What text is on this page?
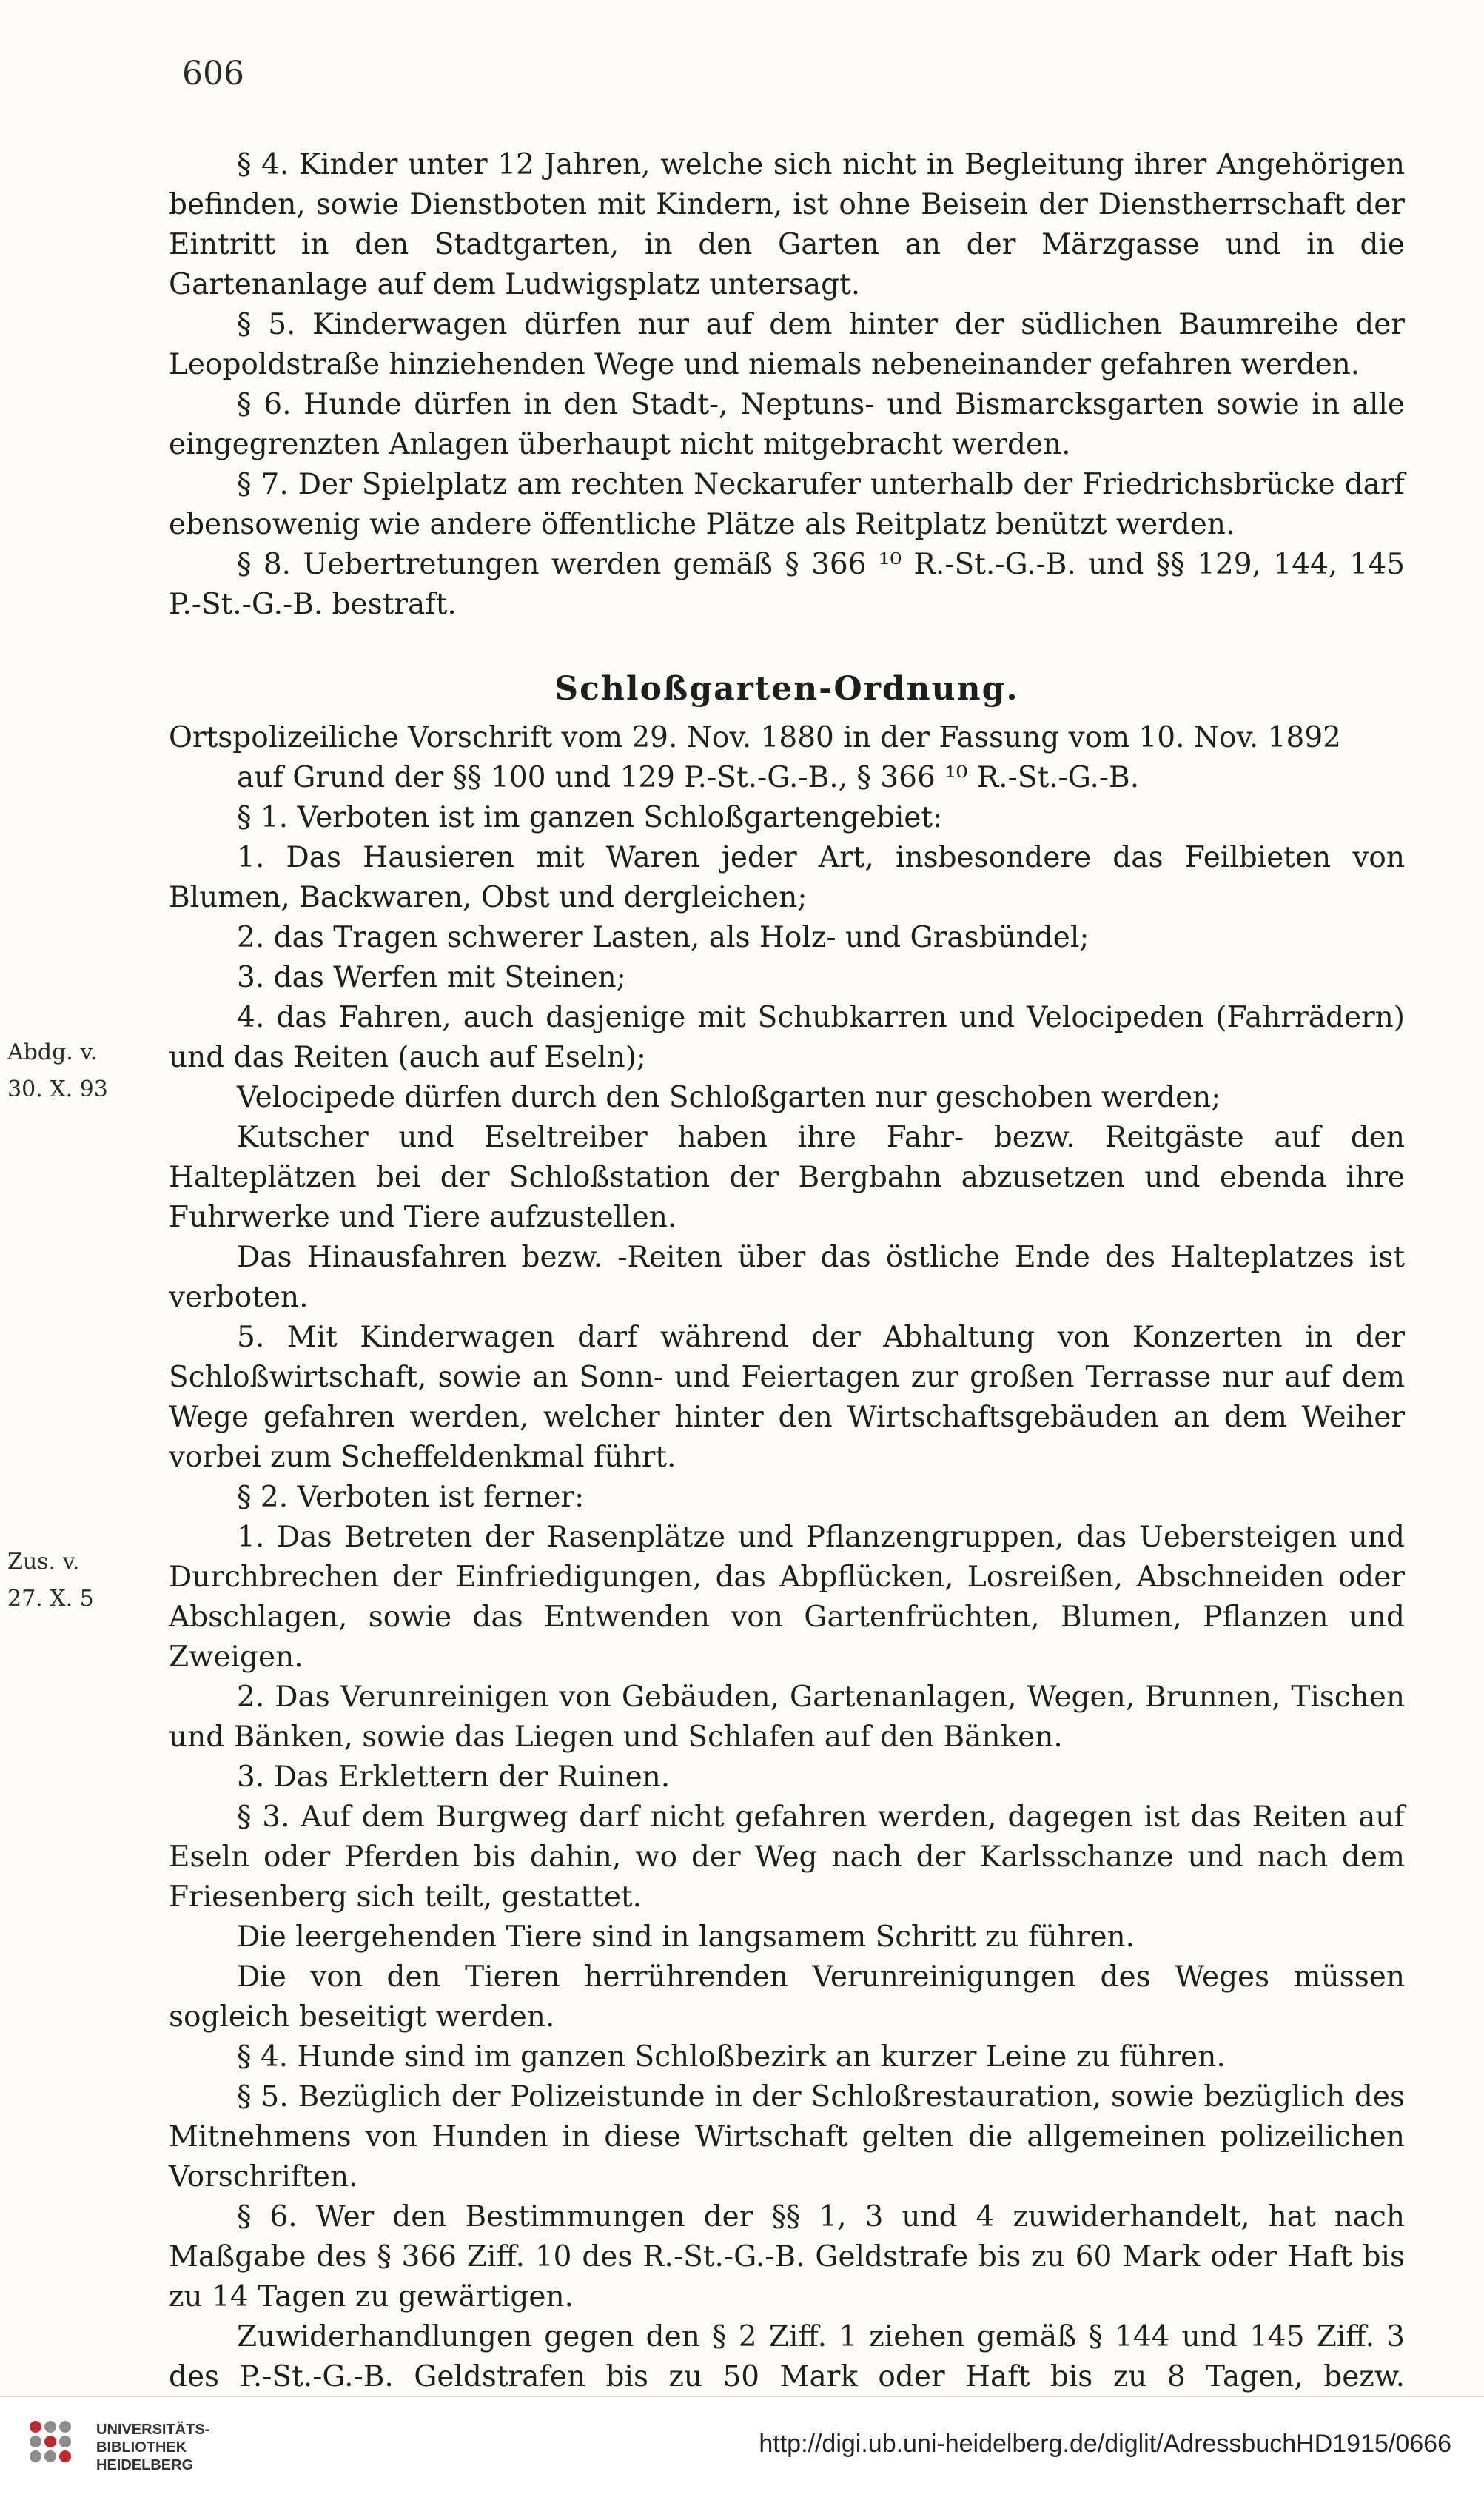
606
Abdg. v.
30. X. 93
Zus. v.
27. X. 5

§ 4. Kinder unter 12 Jahren, welche sich nicht in Begleitung ihrer Angehörigen befinden, sowie Dienstboten mit Kindern, ist ohne Beisein der Dienstherrschaft der Eintritt in den Stadtgarten, in den Garten an der Märzgasse und in die Gartenanlage auf dem Ludwigsplatz untersagt.

§ 5. Kinderwagen dürfen nur auf dem hinter der südlichen Baumreihe der Leopoldstraße hinziehenden Wege und niemals nebeneinander gefahren werden.

§ 6. Hunde dürfen in den Stadt-, Neptuns- und Bismarcksgarten sowie in alle eingegrenzten Anlagen überhaupt nicht mitgebracht werden.

§ 7. Der Spielplatz am rechten Neckarufer unterhalb der Friedrichsbrücke darf ebensowenig wie andere öffentliche Plätze als Reitplatz benützt werden.

§ 8. Uebertretungen werden gemäß § 366 ¹⁰ R.-St.-G.-B. und §§ 129, 144, 145 P.-St.-G.-B. bestraft.

Schloßgarten-Ordnung.

Ortspolizeiliche Vorschrift vom 29. Nov. 1880 in der Fassung vom 10. Nov. 1892

auf Grund der §§ 100 und 129 P.-St.-G.-B., § 366 ¹⁰ R.-St.-G.-B.

§ 1. Verboten ist im ganzen Schloßgartengebiet:

1. Das Hausieren mit Waren jeder Art, insbesondere das Feilbieten von Blumen, Backwaren, Obst und dergleichen;

2. das Tragen schwerer Lasten, als Holz- und Grasbündel;

3. das Werfen mit Steinen;

4. das Fahren, auch dasjenige mit Schubkarren und Velocipeden (Fahrrädern) und das Reiten (auch auf Eseln);

Velocipede dürfen durch den Schloßgarten nur geschoben werden;

Kutscher und Eseltreiber haben ihre Fahr- bezw. Reitgäste auf den Halteplätzen bei der Schloßstation der Bergbahn abzusetzen und ebenda ihre Fuhrwerke und Tiere aufzustellen.

Das Hinausfahren bezw. -Reiten über das östliche Ende des Halteplatzes ist verboten.

5. Mit Kinderwagen darf während der Abhaltung von Konzerten in der Schloßwirtschaft, sowie an Sonn- und Feiertagen zur großen Terrasse nur auf dem Wege gefahren werden, welcher hinter den Wirtschaftsgebäuden an dem Weiher vorbei zum Scheffeldenkmal führt.

§ 2. Verboten ist ferner:

1. Das Betreten der Rasenplätze und Pflanzengruppen, das Uebersteigen und Durchbrechen der Einfriedigungen, das Abpflücken, Losreißen, Abschneiden oder Abschlagen, sowie das Entwenden von Gartenfrüchten, Blumen, Pflanzen und Zweigen.

2. Das Verunreinigen von Gebäuden, Gartenanlagen, Wegen, Brunnen, Tischen und Bänken, sowie das Liegen und Schlafen auf den Bänken.

3. Das Erklettern der Ruinen.

§ 3. Auf dem Burgweg darf nicht gefahren werden, dagegen ist das Reiten auf Eseln oder Pferden bis dahin, wo der Weg nach der Karlsschanze und nach dem Friesenberg sich teilt, gestattet.

Die leergehenden Tiere sind in langsamem Schritt zu führen.

Die von den Tieren herrührenden Verunreinigungen des Weges müssen sogleich beseitigt werden.

§ 4. Hunde sind im ganzen Schloßbezirk an kurzer Leine zu führen.

§ 5. Bezüglich der Polizeistunde in der Schloßrestauration, sowie bezüglich des Mitnehmens von Hunden in diese Wirtschaft gelten die allgemeinen polizeilichen Vorschriften.

§ 6. Wer den Bestimmungen der §§ 1, 3 und 4 zuwiderhandelt, hat nach Maßgabe des § 366 Ziff. 10 des R.-St.-G.-B. Geldstrafe bis zu 60 Mark oder Haft bis zu 14 Tagen zu gewärtigen.

Zuwiderhandlungen gegen den § 2 Ziff. 1 ziehen gemäß § 144 und 145 Ziff. 3 des P.-St.-G.-B. Geldstrafen bis zu 50 Mark oder Haft bis zu 8 Tagen, bezw.

UNIVERSITÄTS-
BIBLIOTHEK
HEIDELBERG
http://digi.ub.uni-heidelberg.de/diglit/AdressbuchHD1915/0666
